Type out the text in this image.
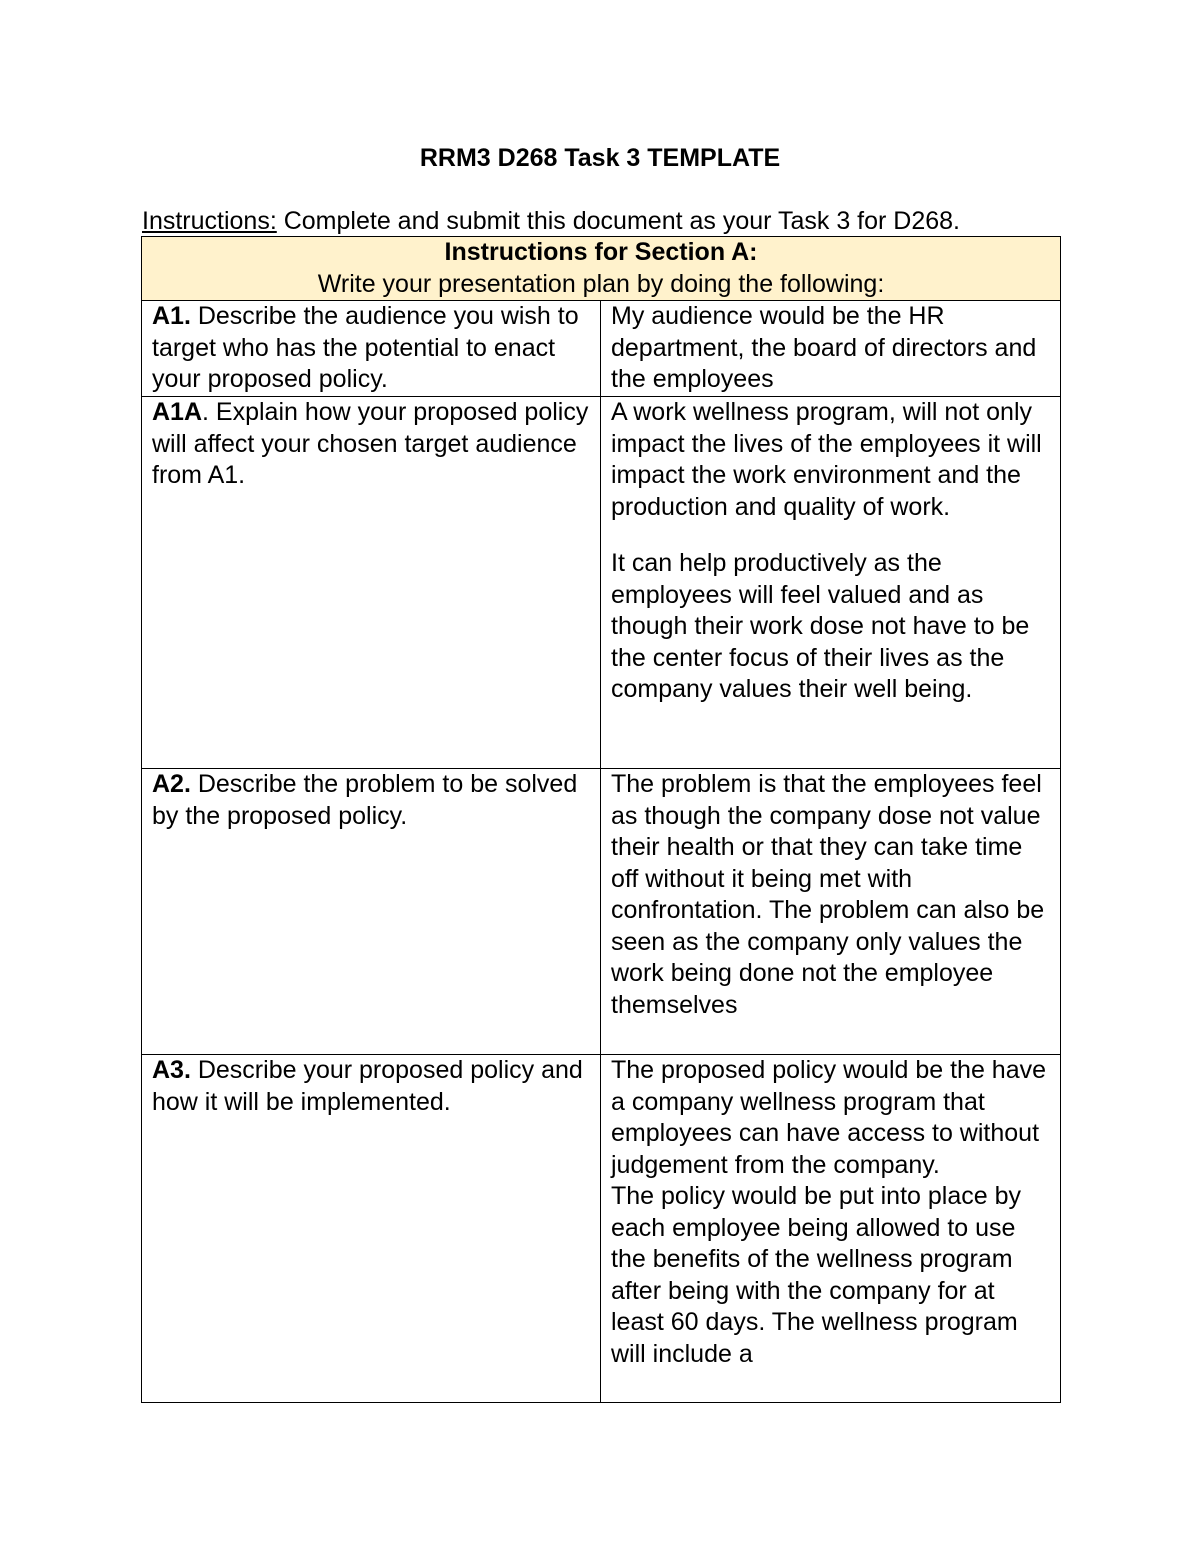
RRM3 D268 Task 3 TEMPLATE
Instructions: Complete and submit this document as your Task 3 for D268.
Instructions for Section A:
Write your presentation plan by doing the following:	

A1. Describe the audience you wish to target who has the potential to enact your proposed policy.	My audience would be the HR department, the board of directors and the employees

A1A. Explain how your proposed policy will affect your chosen target audience from A1.	A work wellness program, will not only impact the lives of the employees it will impact the work environment and the production and quality of work.
It can help productively as the employees will feel valued and as though their work dose not have to be the center focus of their lives as the company values their well being.

A2. Describe the problem to be solved by the proposed policy.	The problem is that the employees feel as though the company dose not value their health or that they can take time off without it being met with confrontation. The problem can also be seen as the company only values the work being done not the employee themselves

A3. Describe your proposed policy and how it will be implemented.	The proposed policy would be the have a company wellness program that employees can have access to without judgement from the company.
The policy would be put into place by each employee being allowed to use the benefits of the wellness program after being with the company for at least 60 days. The wellness program will include a
